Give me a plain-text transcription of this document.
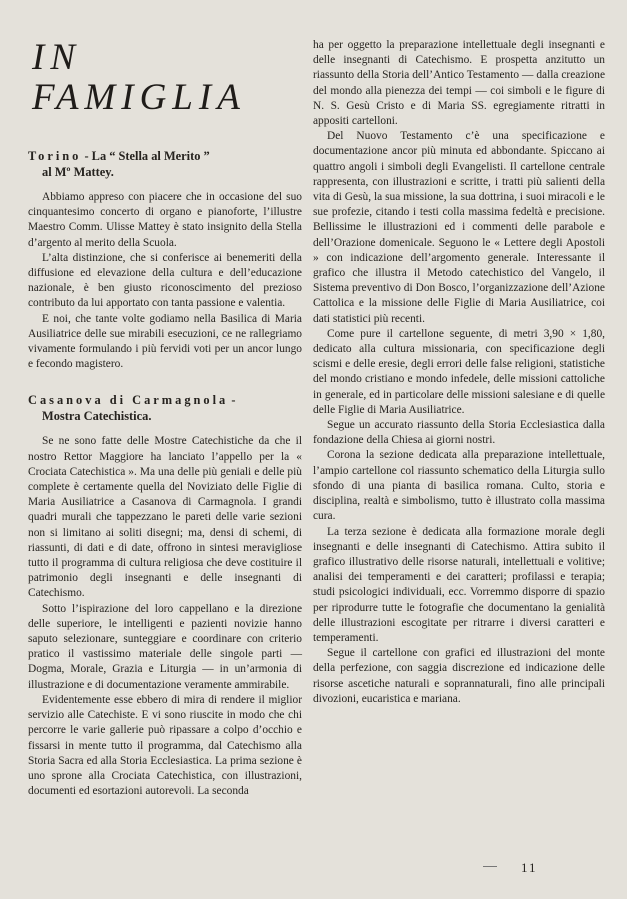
IN FAMIGLIA
Torino - La “ Stella al Merito ”
al Mº Mattey.

Abbiamo appreso con piacere che in occasione del suo cinquantesimo concerto di organo e pianoforte, l’illustre Maestro Comm. Ulisse Mattey è stato insignito della Stella d’argento al merito della Scuola.

L’alta distinzione, che si conferisce ai benemeriti della diffusione ed elevazione della cultura e dell’educazione nazionale, è ben giusto riconoscimento del prezioso contributo da lui apportato con tanta passione e valentia.

E noi, che tante volte godiamo nella Basilica di Maria Ausiliatrice delle sue mirabili esecuzioni, ce ne rallegriamo vivamente formulando i più fervidi voti per un ancor lungo e fecondo magistero.

Casanova di Carmagnola -
Mostra Catechistica.

Se ne sono fatte delle Mostre Catechistiche da che il nostro Rettor Maggiore ha lanciato l’appello per la « Crociata Catechistica ». Ma una delle più geniali e delle più complete è certamente quella del Noviziato delle Figlie di Maria Ausiliatrice a Casanova di Carmagnola. I grandi quadri murali che tappezzano le pareti delle varie sezioni non si limitano ai soliti disegni; ma, densi di schemi, di riassunti, di dati e di date, offrono in sintesi meravigliose tutto il programma di cultura religiosa che deve costituire il patrimonio degli insegnanti e delle insegnanti di Catechismo.

Sotto l’ispirazione del loro cappellano e la direzione delle superiore, le intelligenti e pazienti novizie hanno saputo selezionare, sunteggiare e coordinare con criterio pratico il vastissimo materiale delle singole parti — Dogma, Morale, Grazia e Liturgia — in un’armonia di illustrazione e di documentazione veramente ammirabile.

Evidentemente esse ebbero di mira di rendere il miglior servizio alle Catechiste. E vi sono riuscite in modo che chi percorre le varie gallerie può ripassare a colpo d’occhio e fissarsi in mente tutto il programma, dal Catechismo alla Storia Sacra ed alla Storia Ecclesiastica. La prima sezione è uno sprone alla Crociata Catechistica, con illustrazioni, documenti ed esortazioni autorevoli. La seconda

ha per oggetto la preparazione intellettuale degli insegnanti e delle insegnanti di Catechismo. E prospetta anzitutto un riassunto della Storia dell’Antico Testamento — dalla creazione del mondo alla pienezza dei tempi — coi simboli e le figure di N. S. Gesù Cristo e di Maria SS. egregiamente ritratti in appositi cartelloni.

Del Nuovo Testamento c’è una specificazione e documentazione ancor più minuta ed abbondante. Spiccano ai quattro angoli i simboli degli Evangelisti. Il cartellone centrale rappresenta, con illustrazioni e scritte, i tratti più salienti della vita di Gesù, la sua missione, la sua dottrina, i suoi miracoli e le sue profezie, citando i testi colla massima fedeltà e precisione. Bellissime le illustrazioni ed i commenti delle parabole e dell’Orazione domenicale. Seguono le « Lettere degli Apostoli » con indicazione dell’argomento generale. Interessante il grafico che illustra il Metodo catechistico del Vangelo, il Sistema preventivo di Don Bosco, l’organizzazione dell’Azione Cattolica e la missione delle Figlie di Maria Ausiliatrice, coi dati statistici più recenti.

Come pure il cartellone seguente, di metri 3,90 × 1,80, dedicato alla cultura missionaria, con specificazione degli scismi e delle eresie, degli errori delle false religioni, statistiche del mondo cristiano e mondo infedele, delle missioni cattoliche in generale, ed in particolare delle missioni salesiane e di quelle delle Figlie di Maria Ausiliatrice.

Segue un accurato riassunto della Storia Ecclesiastica dalla fondazione della Chiesa ai giorni nostri.

Corona la sezione dedicata alla preparazione intellettuale, l’ampio cartellone col riassunto schematico della Liturgia sullo sfondo di una pianta di basilica romana. Culto, storia e disciplina, realtà e simbolismo, tutto è illustrato colla massima cura.

La terza sezione è dedicata alla formazione morale degli insegnanti e delle insegnanti di Catechismo. Attira subito il grafico illustrativo delle risorse naturali, intellettuali e volitive; analisi dei temperamenti e dei caratteri; profilassi e terapia; studi psicologici individuali, ecc. Vorremmo disporre di spazio per riprodurre tutte le fotografie che documentano la genialità delle illustrazioni escogitate per ritrarre i diversi caratteri e temperamenti.

Segue il cartellone con grafici ed illustrazioni del monte della perfezione, con saggia discrezione ed indicazione delle risorse ascetiche naturali e soprannaturali, fino alle principali divozioni, eucaristica e mariana.

11
